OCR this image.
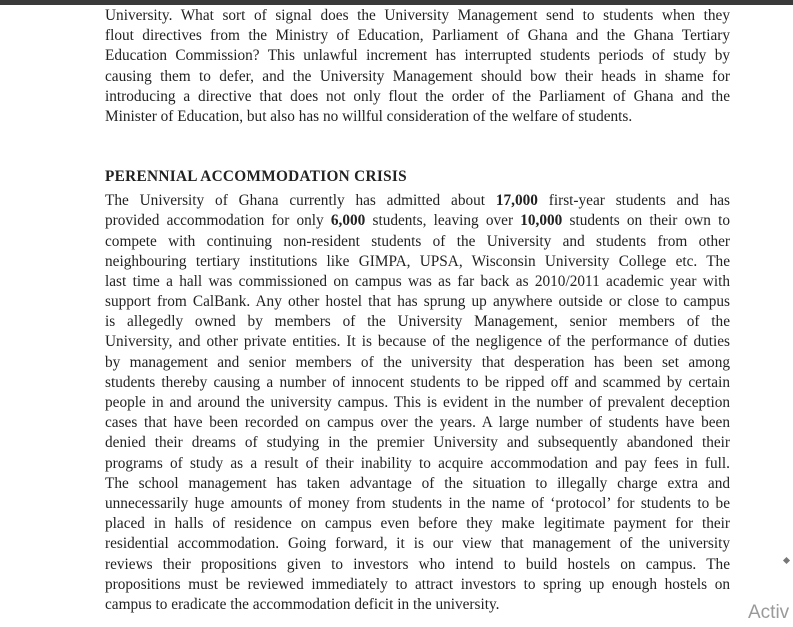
University. What sort of signal does the University Management send to students when they
flout directives from the Ministry of Education, Parliament of Ghana and the Ghana Tertiary
Education Commission? This unlawful increment has interrupted students periods of study by
causing them to defer, and the University Management should bow their heads in shame for
introducing a directive that does not only flout the order of the Parliament of Ghana and the
Minister of Education, but also has no willful consideration of the welfare of students.
PERENNIAL ACCOMMODATION CRISIS
The University of Ghana currently has admitted about 17,000 first-year students and has
provided accommodation for only 6,000 students, leaving over 10,000 students on their own to
compete with continuing non-resident students of the University and students from other
neighbouring tertiary institutions like GIMPA, UPSA, Wisconsin University College etc. The
last time a hall was commissioned on campus was as far back as 2010/2011 academic year with
support from CalBank. Any other hostel that has sprung up anywhere outside or close to campus
is allegedly owned by members of the University Management, senior members of the
University, and other private entities. It is because of the negligence of the performance of duties
by management and senior members of the university that desperation has been set among
students thereby causing a number of innocent students to be ripped off and scammed by certain
people in and around the university campus. This is evident in the number of prevalent deception
cases that have been recorded on campus over the years. A large number of students have been
denied their dreams of studying in the premier University and subsequently abandoned their
programs of study as a result of their inability to acquire accommodation and pay fees in full.
The school management has taken advantage of the situation to illegally charge extra and
unnecessarily huge amounts of money from students in the name of ‘protocol’ for students to be
placed in halls of residence on campus even before they make legitimate payment for their
residential accommodation. Going forward, it is our view that management of the university
reviews their propositions given to investors who intend to build hostels on campus. The
propositions must be reviewed immediately to attract investors to spring up enough hostels on
campus to eradicate the accommodation deficit in the university.	Activ
